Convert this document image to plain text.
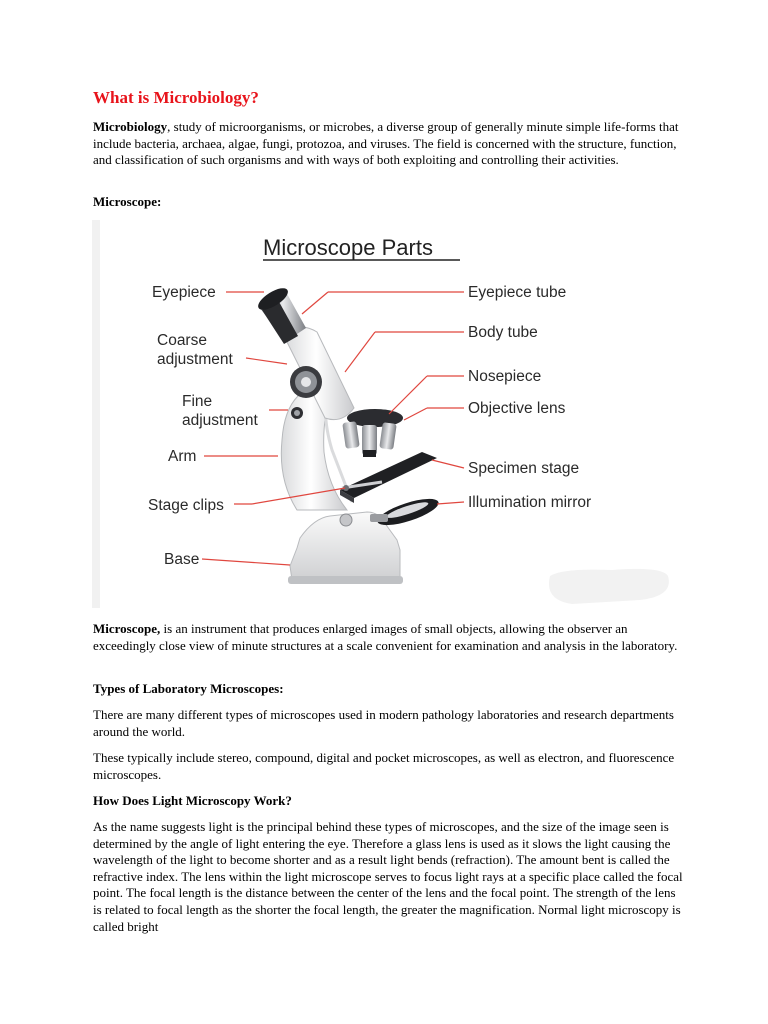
What is Microbiology?

Microbiology, study of microorganisms, or microbes, a diverse group of generally minute simple life-forms that include bacteria, archaea, algae, fungi, protozoa, and viruses. The field is concerned with the structure, function, and classification of such organisms and with ways of both exploiting and controlling their activities.

Microscope:

Microscope Parts
Eyepiece
Coarse
adjustment
Fine
adjustment
Arm
Stage clips
Base
Eyepiece tube
Body tube
Nosepiece
Objective lens
Specimen stage
Illumination mirror

Microscope, is an instrument that produces enlarged images of small objects, allowing the observer an exceedingly close view of minute structures at a scale convenient for examination and analysis in the laboratory.

Types of Laboratory Microscopes:

There are many different types of microscopes used in modern pathology laboratories and research departments around the world.

These typically include stereo, compound, digital and pocket microscopes, as well as electron, and fluorescence microscopes.

How Does Light Microscopy Work?

As the name suggests light is the principal behind these types of microscopes, and the size of the image seen is determined by the angle of light entering the eye. Therefore a glass lens is used as it slows the light causing the wavelength of the light to become shorter and as a result light bends (refraction). The amount bent is called the refractive index. The lens within the light microscope serves to focus light rays at a specific place called the focal point. The focal length is the distance between the center of the lens and the focal point. The strength of the lens is related to focal length as the shorter the focal length, the greater the magnification. Normal light microscopy is called bright
